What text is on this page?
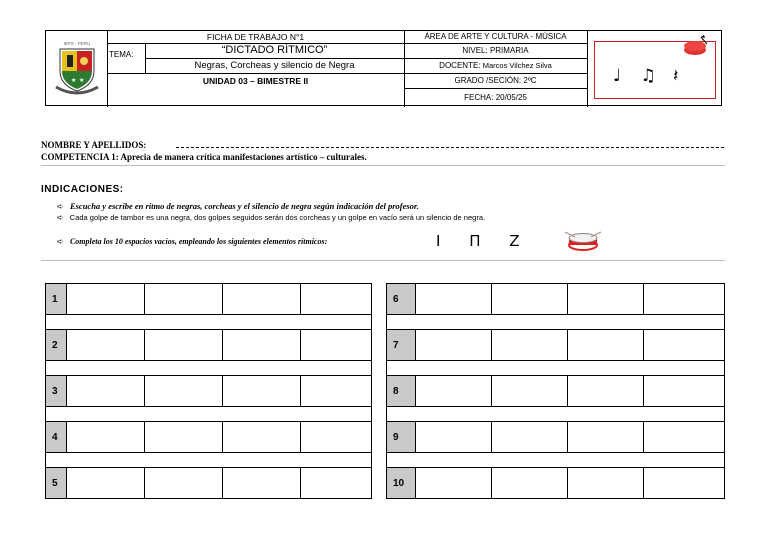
IEPS - PERÚ
★ ★
FICHA DE TRABAJO N°1
TEMA:	“DICTADO RÍTMICO”
Negras, Corcheas y silencio de Negra
UNIDAD 03 – BIMESTRE II
ÁREA DE ARTE Y CULTURA - MÚSICA
NIVEL: PRIMARIA
DOCENTE: Marcos Vilchez Silva
GRADO /SECIÓN: 2ºC
FECHA: 20/05/25
♩ ♫ 𝄽
NOMBRE Y APELLIDOS:
COMPETENCIA 1: Aprecia de manera crítica manifestaciones artístico – culturales.
INDICACIONES:
➪ Escucha y escribe en ritmo de negras, corcheas y el silencio de negra según indicación del profesor.
➪ Cada golpe de tambor es una negra, dos golpes seguidos serán dos corcheas y un golpe en vacío será un silencio de negra.
➪ Completa los 10 espacios vacíos, empleando los siguientes elementos rítmicos:	I Π Z
1
2
3
4
5
6
7
8
9
10
